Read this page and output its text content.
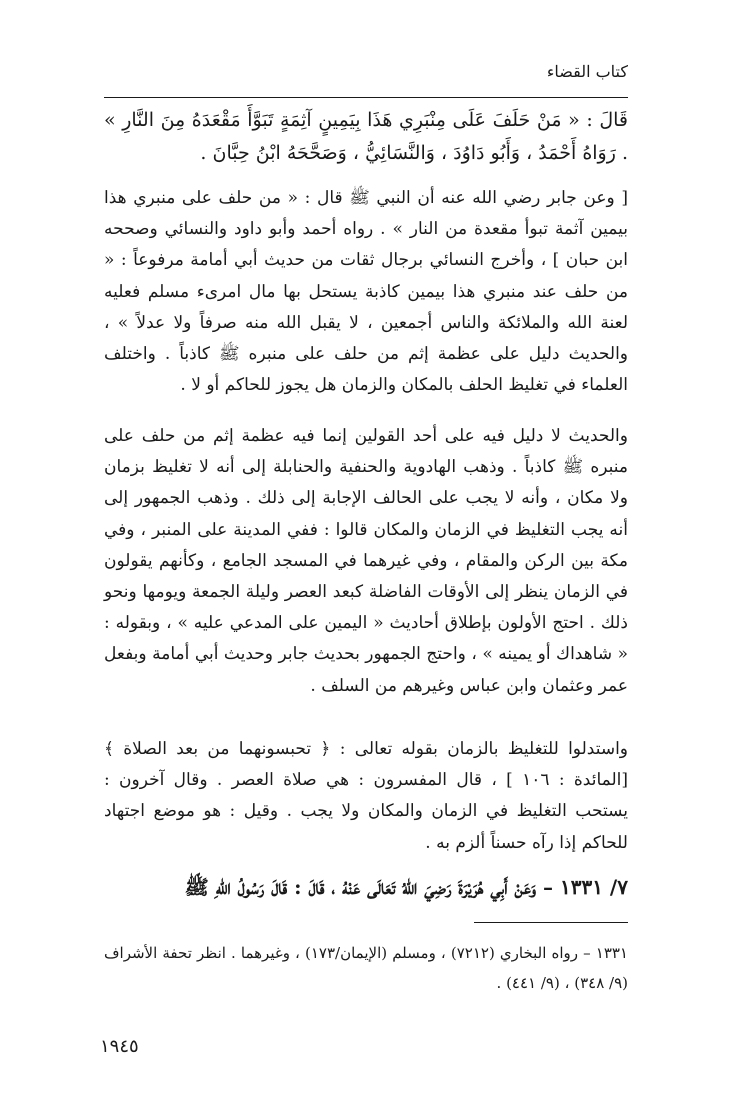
كتاب القضاء

قَالَ : « مَنْ حَلَفَ عَلَى مِنْبَرِي هَذَا بِيَمِينٍ آثِمَةٍ تَبَوَّأَ مَقْعَدَهُ مِنَ النَّارِ » . رَوَاهُ أَحْمَدُ ، وَأَبُو دَاوُدَ ، وَالنَّسَائِيُّ ، وَصَحَّحَهُ ابْنُ حِبَّانَ .

[ وعن جابر رضي الله عنه أن النبي ﷺ قال : « من حلف على منبري هذا بيمين آثمة تبوأ مقعدة من النار » . رواه أحمد وأبو داود والنسائي وصححه ابن حبان ] ، وأخرج النسائي برجال ثقات من حديث أبي أمامة مرفوعاً : « من حلف عند منبري هذا بيمين كاذبة يستحل بها مال امرىء مسلم فعليه لعنة الله والملائكة والناس أجمعين ، لا يقبل الله منه صرفاً ولا عدلاً » ، والحديث دليل على عظمة إثم من حلف على منبره ﷺ كاذباً . واختلف العلماء في تغليظ الحلف بالمكان والزمان هل يجوز للحاكم أو لا .

والحديث لا دليل فيه على أحد القولين إنما فيه عظمة إثم من حلف على منبره ﷺ كاذباً . وذهب الهادوية والحنفية والحنابلة إلى أنه لا تغليظ بزمان ولا مكان ، وأنه لا يجب على الحالف الإجابة إلى ذلك . وذهب الجمهور إلى أنه يجب التغليظ في الزمان والمكان قالوا : ففي المدينة على المنبر ، وفي مكة بين الركن والمقام ، وفي غيرهما في المسجد الجامع ، وكأنهم يقولون في الزمان ينظر إلى الأوقات الفاضلة كبعد العصر وليلة الجمعة ويومها ونحو ذلك . احتج الأولون بإطلاق أحاديث « اليمين على المدعي عليه » ، وبقوله : « شاهداك أو يمينه » ، واحتج الجمهور بحديث جابر وحديث أبي أمامة وبفعل عمر وعثمان وابن عباس وغيرهم من السلف .

واستدلوا للتغليظ بالزمان بقوله تعالى : ﴿ تحبسونهما من بعد الصلاة ﴾ [المائدة : ١٠٦ ] ، قال المفسرون : هي صلاة العصر . وقال آخرون : يستحب التغليظ في الزمان والمكان ولا يجب . وقيل : هو موضع اجتهاد للحاكم إذا رآه حسناً ألزم به .

٧/ ١٣٣١ – وَعَنْ أَبِي هُرَيْرَةَ رَضِيَ اللهُ تَعَالَى عَنْهُ ، قَالَ : قَالَ رَسُولُ اللهِ ﷺ

١٣٣١ – رواه البخاري (٧٢١٢) ، ومسلم (الإيمان/١٧٣) ، وغيرهما . انظر تحفة الأشراف (٩/ ٣٤٨) ، (٩/ ٤٤١) .

١٩٤٥
